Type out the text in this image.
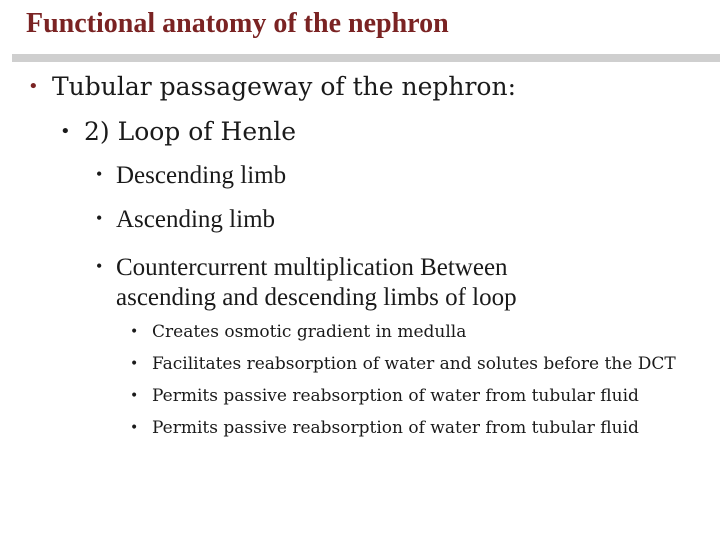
Functional anatomy of the nephron
• Tubular passageway of the nephron:
• 2) Loop of Henle
• Descending limb
• Ascending limb
• Countercurrent multiplication Between
ascending and descending limbs of loop
• Creates osmotic gradient in medulla
• Facilitates reabsorption of water and solutes before the DCT
• Permits passive reabsorption of water from tubular fluid
• Permits passive reabsorption of water from tubular fluid
